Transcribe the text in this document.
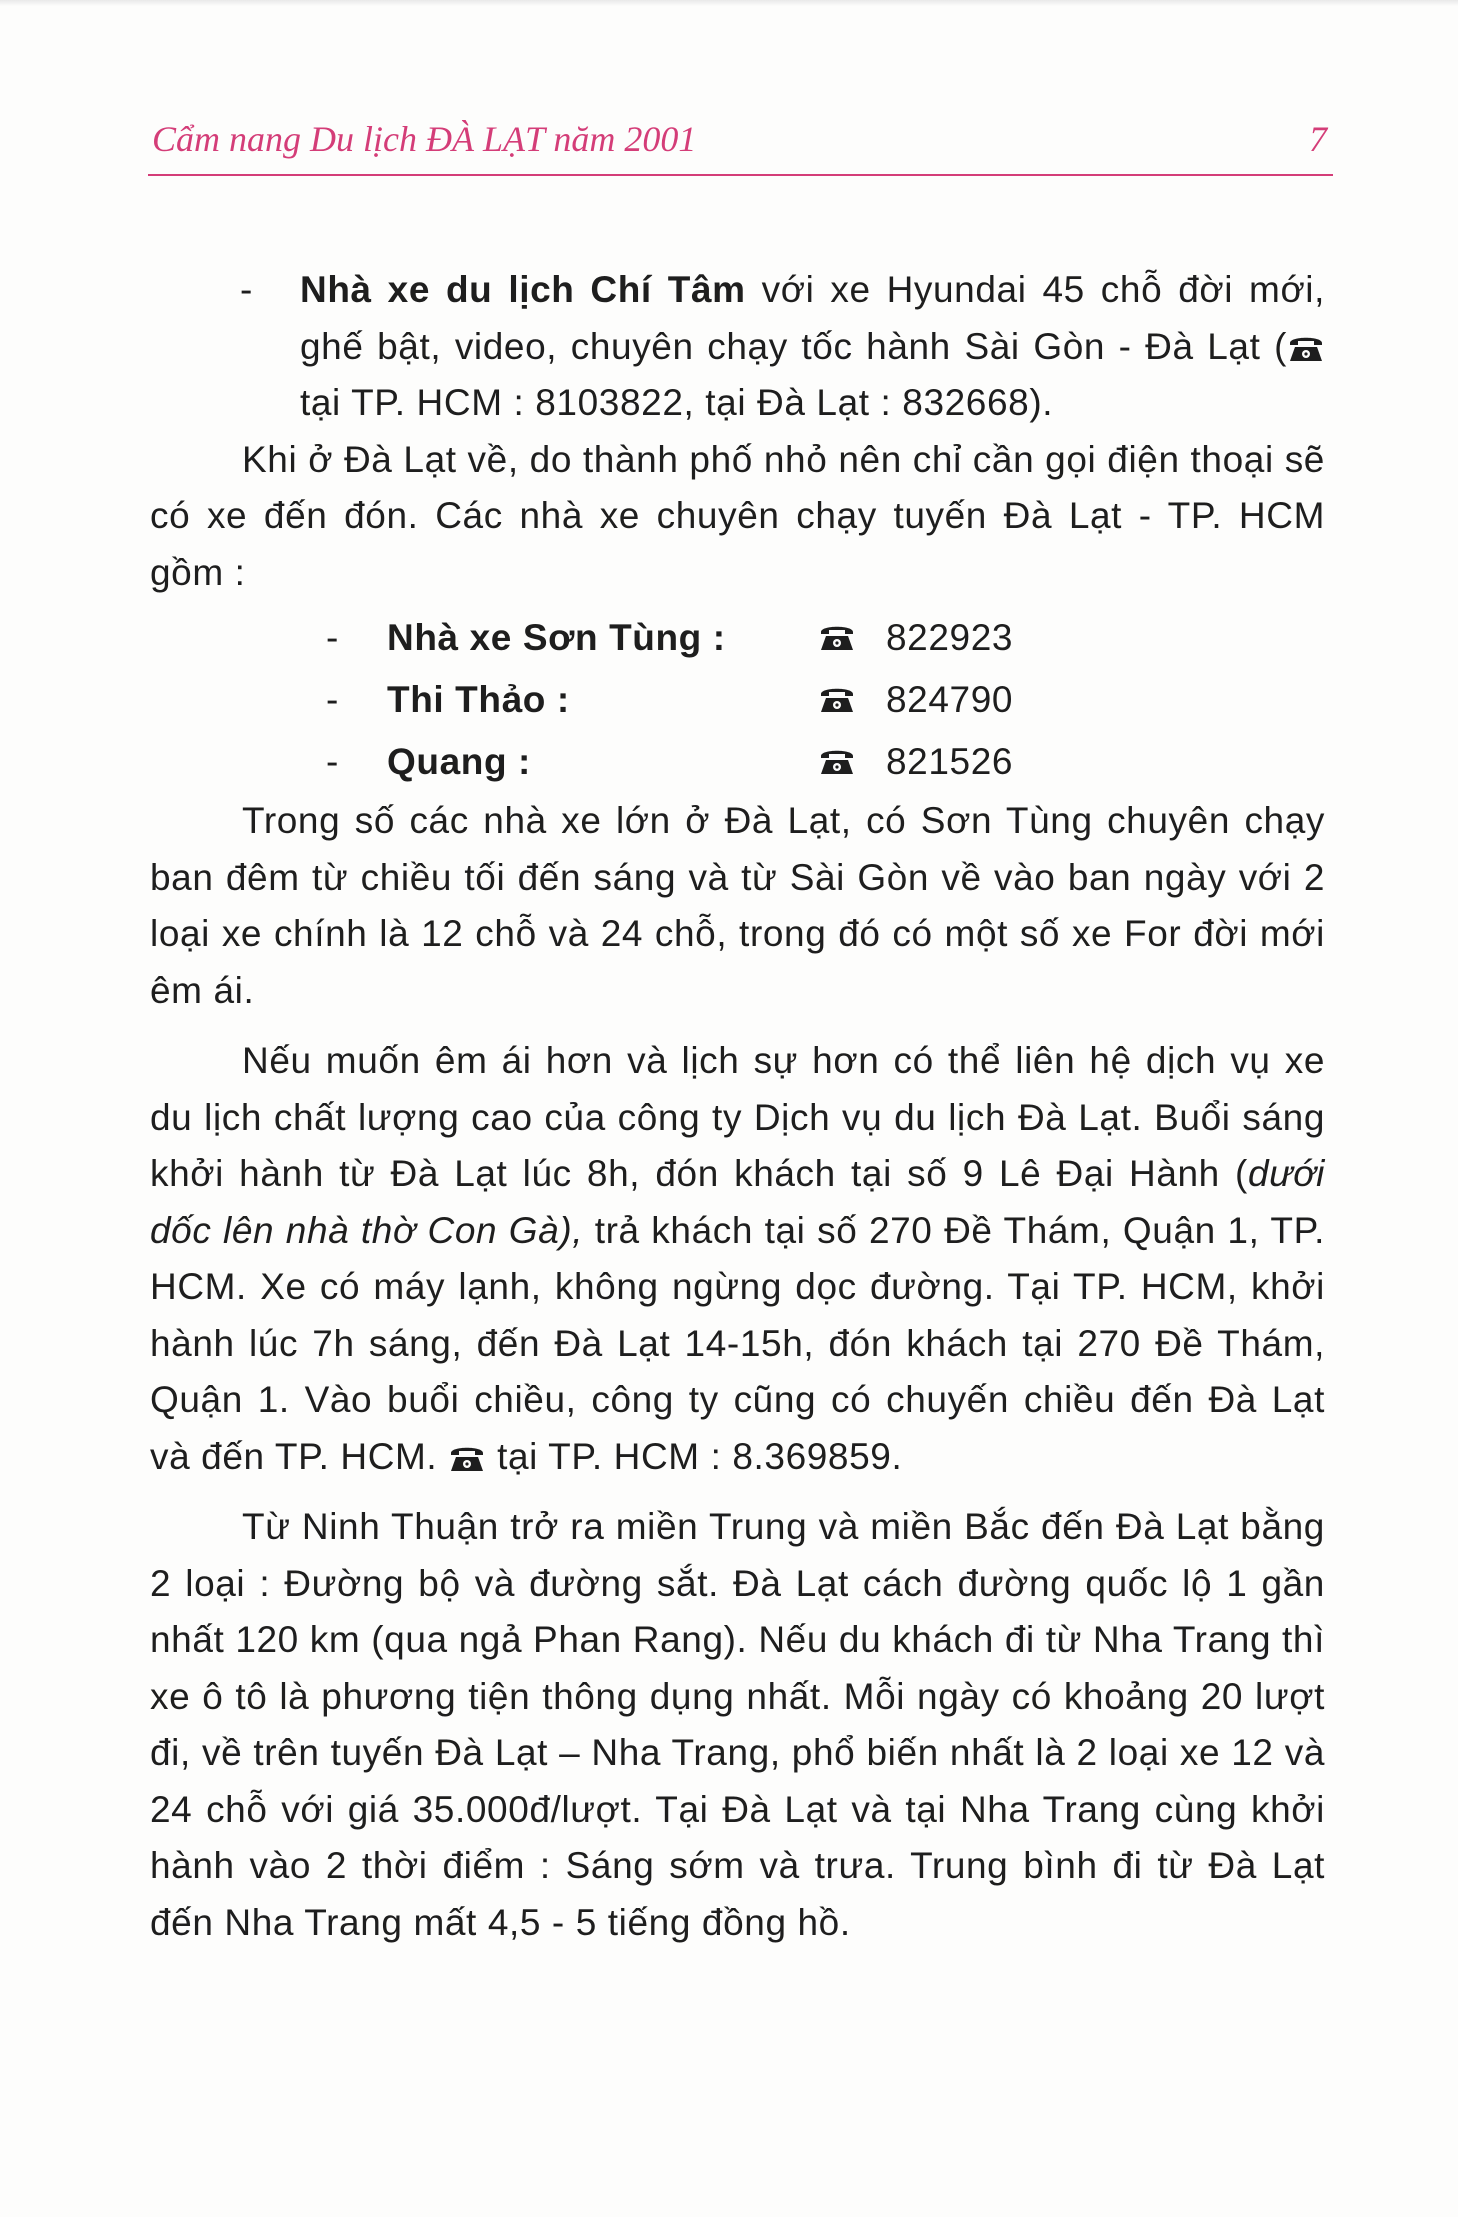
Cẩm nang Du lịch ĐÀ LẠT năm 2001	7

- Nhà xe du lịch Chí Tâm với xe Hyundai 45 chỗ đời mới, ghế bật, video, chuyên chạy tốc hành Sài Gòn - Đà Lạt ( tại TP. HCM : 8103822, tại Đà Lạt : 832668).

Khi ở Đà Lạt về, do thành phố nhỏ nên chỉ cần gọi điện thoại sẽ có xe đến đón. Các nhà xe chuyên chạy tuyến Đà Lạt - TP. HCM gồm :

- Nhà xe Sơn Tùng :	822923
- Thi Thảo :	824790
- Quang :	821526

Trong số các nhà xe lớn ở Đà Lạt, có Sơn Tùng chuyên chạy ban đêm từ chiều tối đến sáng và từ Sài Gòn về vào ban ngày với 2 loại xe chính là 12 chỗ và 24 chỗ, trong đó có một số xe For đời mới êm ái.

Nếu muốn êm ái hơn và lịch sự hơn có thể liên hệ dịch vụ xe du lịch chất lượng cao của công ty Dịch vụ du lịch Đà Lạt. Buổi sáng khởi hành từ Đà Lạt lúc 8h, đón khách tại số 9 Lê Đại Hành (dưới dốc lên nhà thờ Con Gà), trả khách tại số 270 Đề Thám, Quận 1, TP. HCM. Xe có máy lạnh, không ngừng dọc đường. Tại TP. HCM, khởi hành lúc 7h sáng, đến Đà Lạt 14-15h, đón khách tại 270 Đề Thám, Quận 1. Vào buổi chiều, công ty cũng có chuyến chiều đến Đà Lạt và đến TP. HCM.  tại TP. HCM : 8.369859.

Từ Ninh Thuận trở ra miền Trung và miền Bắc đến Đà Lạt bằng 2 loại : Đường bộ và đường sắt. Đà Lạt cách đường quốc lộ 1 gần nhất 120 km (qua ngả Phan Rang). Nếu du khách đi từ Nha Trang thì xe ô tô là phương tiện thông dụng nhất. Mỗi ngày có khoảng 20 lượt đi, về trên tuyến Đà Lạt – Nha Trang, phổ biến nhất là 2 loại xe 12 và 24 chỗ với giá 35.000đ/lượt. Tại Đà Lạt và tại Nha Trang cùng khởi hành vào 2 thời điểm : Sáng sớm và trưa. Trung bình đi từ Đà Lạt đến Nha Trang mất 4,5 - 5 tiếng đồng hồ.
